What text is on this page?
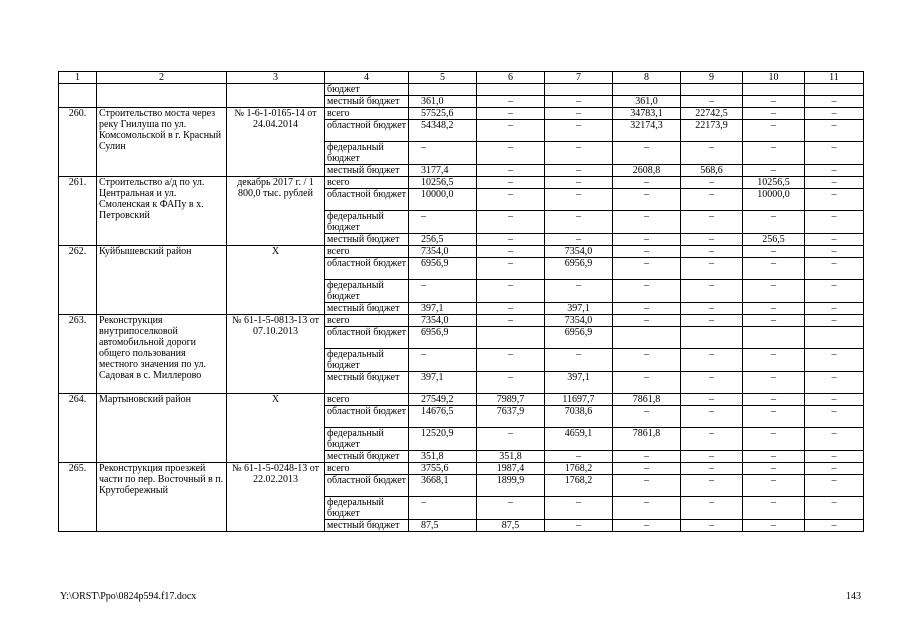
1	2	3	4	5	6	7	8	9	10	11
			бюджет							
			местный бюджет	361,0	–	–	361,0	–	–	–
260.	Строительство моста через реку Гнилуша по ул. Комсомольской в г. Красный Сулин	№ 1-6-1-0165-14 от 24.04.2014	всего	57525,6	–	–	34783,1	22742,5	–	–
			областной бюджет	54348,2	–	–	32174,3	22173,9	–	–
			федеральный бюджет	–	–	–	–	–	–	–
			местный бюджет	3177,4	–	–	2608,8	568,6	–	–
261.	Строительство а/д по ул. Центральная и ул. Смоленская к ФАПу в х. Петровский	декабрь 2017 г. / 1 800,0 тыс. рублей	всего	10256,5	–	–	–	–	10256,5	–
			областной бюджет	10000,0	–	–	–	–	10000,0	–
			федеральный бюджет	–	–	–	–	–	–	–
			местный бюджет	256,5	–	–	–	–	256,5	–
262.	Куйбышевский район	Х	всего	7354,0	–	7354,0	–	–	–	–
			областной бюджет	6956,9	–	6956,9	–	–	–	–
			федеральный бюджет	–	–	–	–	–	–	–
			местный бюджет	397,1	–	397,1	–	–	–	–
263.	Реконструкция внутрипоселковой автомобильной дороги общего пользования местного значения по ул. Садовая в с. Миллерово	№ 61-1-5-0813-13 от 07.10.2013	всего	7354,0	–	7354,0	–	–	–	–
			областной бюджет	6956,9		6956,9				
			федеральный бюджет	–	–	–	–	–	–	–
			местный бюджет	397,1	–	397,1	–	–	–	–
264.	Мартыновский район	Х	всего	27549,2	7989,7	11697,7	7861,8	–	–	–
			областной бюджет	14676,5	7637,9	7038,6	–	–	–	–
			федеральный бюджет	12520,9	–	4659,1	7861,8	–	–	–
			местный бюджет	351,8	351,8	–	–	–	–	–
265.	Реконструкция проезжей части по пер. Восточный в п. Крутобережный	№ 61-1-5-0248-13 от 22.02.2013	всего	3755,6	1987,4	1768,2	–	–	–	–
			областной бюджет	3668,1	1899,9	1768,2	–	–	–	–
			федеральный бюджет	–	–	–	–	–	–	–
			местный бюджет	87,5	87,5	–	–	–	–	–
Y:\ORST\Ppo\0824p594.f17.docx	143
